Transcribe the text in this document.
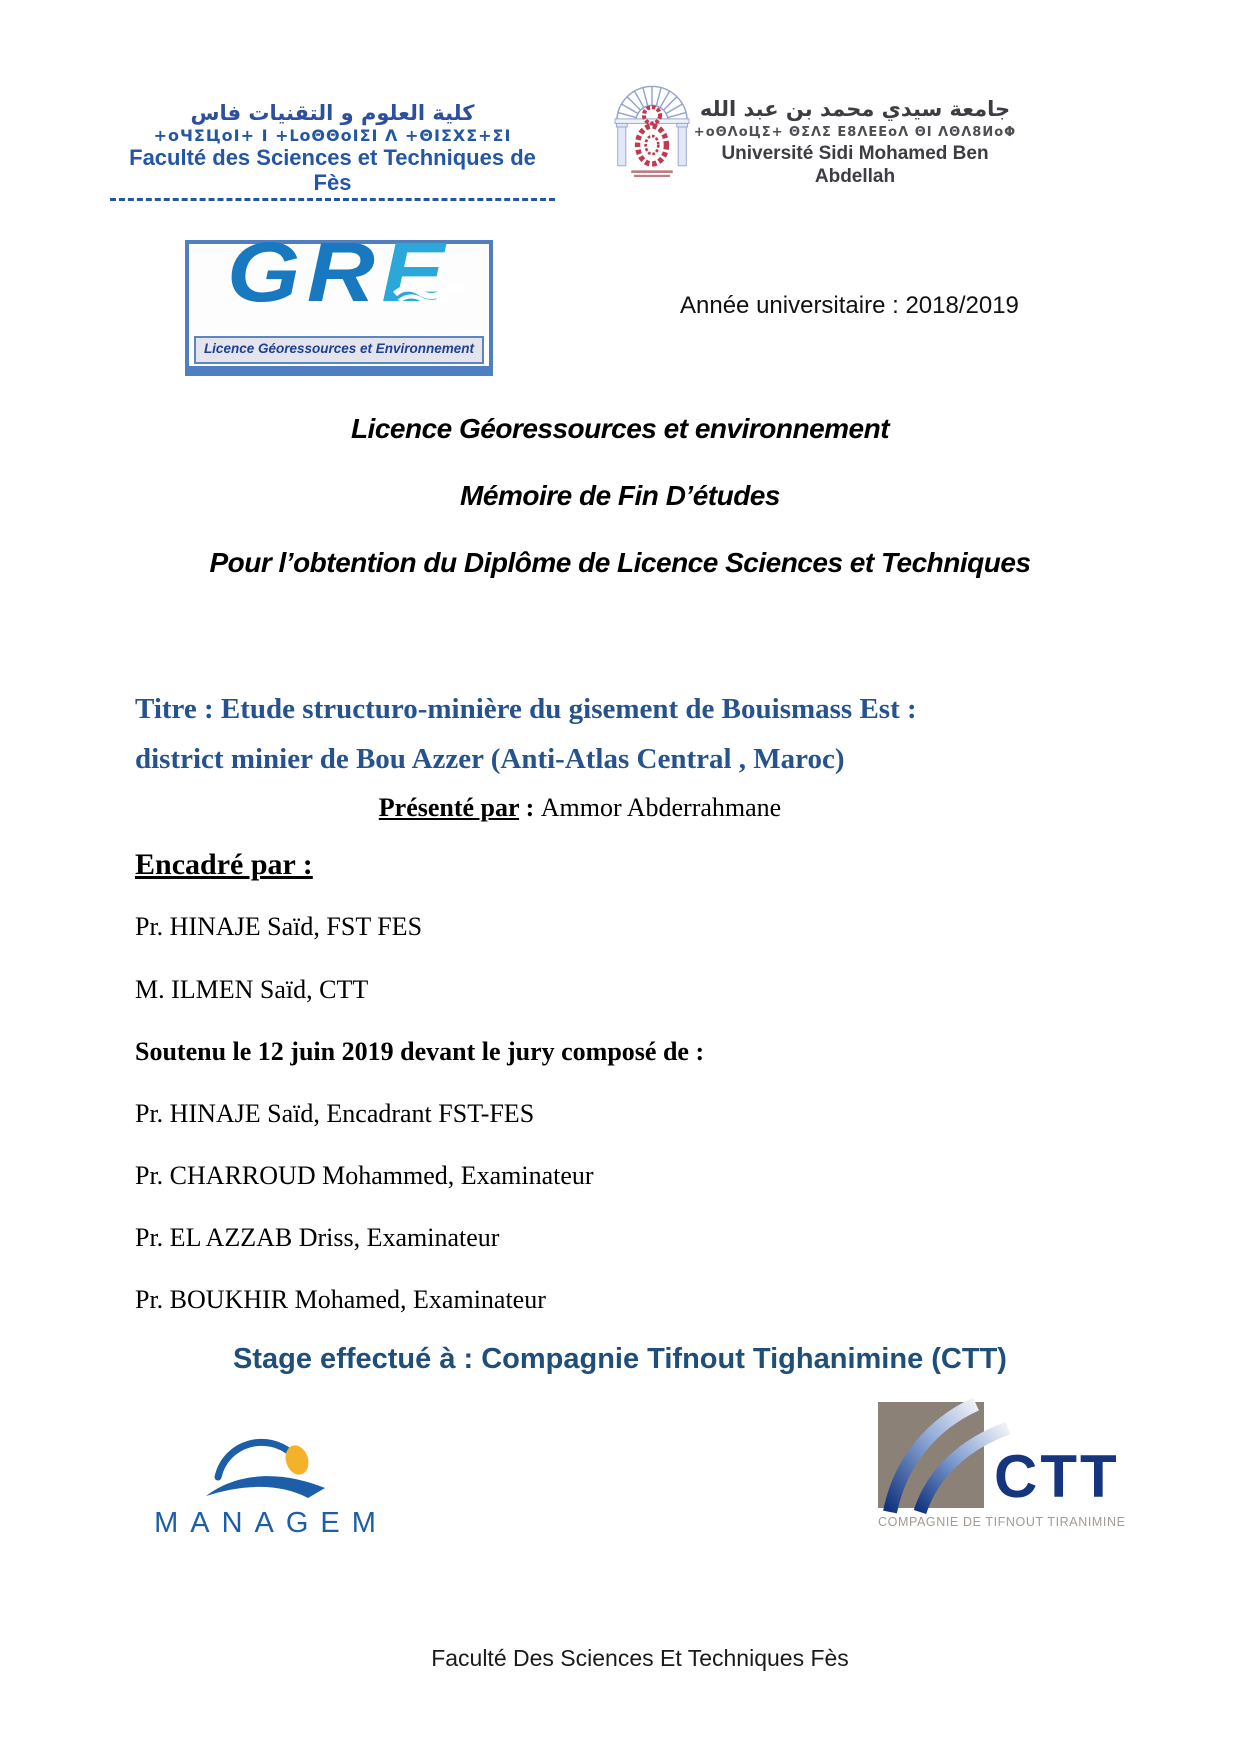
كلية العلوم و التقنيات فاس
+oЧΣЦoI+ I +ԼoΘΘoIΣI Λ +ΘIΣXΣ+ΣI
Faculté des Sciences et Techniques de Fès
جامعة سيدي محمد بن عبد الله
+oΘΛoЦΣ+ ΘΣΛΣ Ε8ΛΕΕoΛ ΘΙ ΛΘΛ8ИoΦ
Université Sidi Mohamed Ben Abdellah
GRE
Licence Géoressources et Environnement
Année universitaire : 2018/2019
Licence Géoressources et environnement
Mémoire de Fin D’études
Pour l’obtention du Diplôme de Licence Sciences et Techniques
Titre : Etude structuro-minière du gisement de Bouismass Est :
district minier de Bou Azzer (Anti-Atlas Central , Maroc)
Présenté par : Ammor Abderrahmane
Encadré par :
Pr. HINAJE Saïd, FST FES
M. ILMEN Saïd, CTT
Soutenu le 12 juin 2019 devant le jury composé de :
Pr. HINAJE Saïd, Encadrant FST-FES
Pr. CHARROUD Mohammed, Examinateur
Pr. EL AZZAB Driss, Examinateur
Pr. BOUKHIR Mohamed, Examinateur
Stage effectué à : Compagnie Tifnout Tighanimine (CTT)
MANAGEM
CTT
COMPAGNIE DE TIFNOUT TIRANIMINE
Faculté Des Sciences Et Techniques Fès
